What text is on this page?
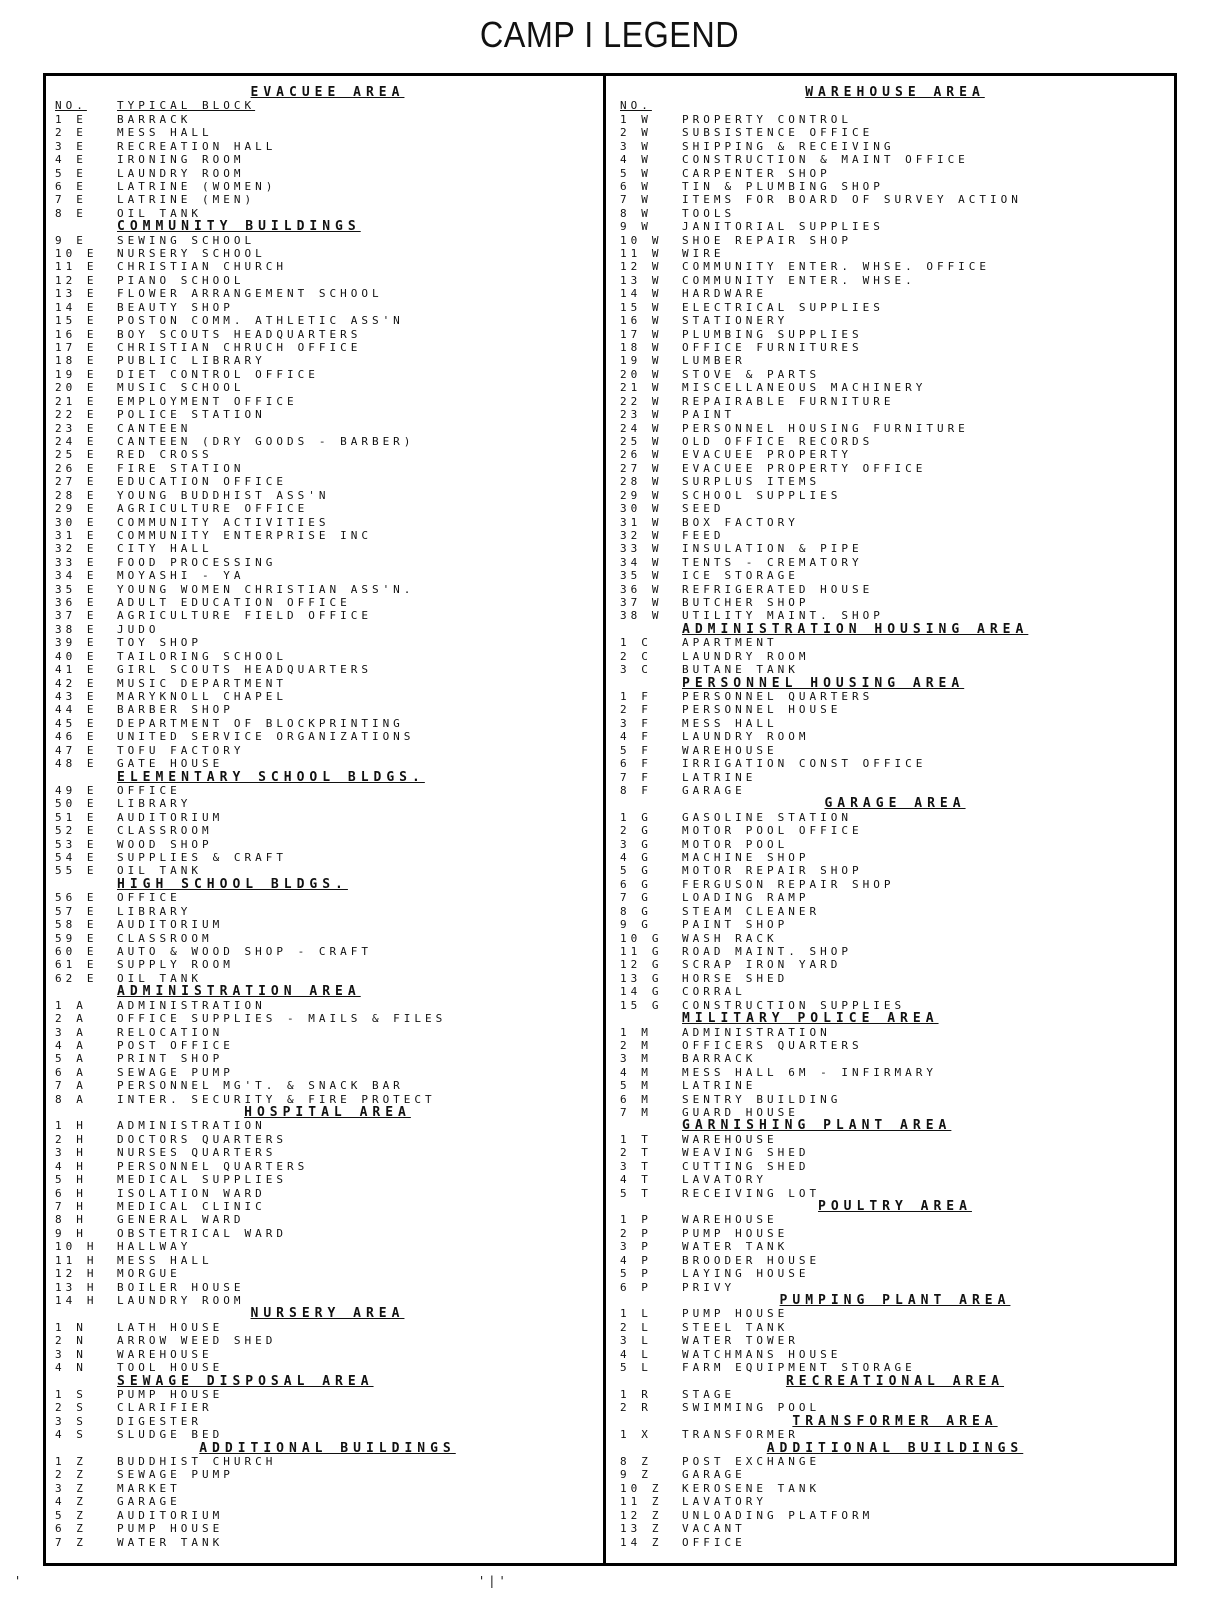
CAMP I LEGEND
EVACUEE AREA
NO.	TYPICAL BLOCK
1 E	BARRACK
2 E	MESS HALL
3 E	RECREATION HALL
4 E	IRONING ROOM
5 E	LAUNDRY ROOM
6 E	LATRINE (WOMEN)
7 E	LATRINE (MEN)
8 E	OIL TANK
COMMUNITY BUILDINGS
9 E	SEWING SCHOOL
10 E	NURSERY SCHOOL
11 E	CHRISTIAN CHURCH
12 E	PIANO SCHOOL
13 E	FLOWER ARRANGEMENT SCHOOL
14 E	BEAUTY SHOP
15 E	POSTON COMM. ATHLETIC ASS'N
16 E	BOY SCOUTS HEADQUARTERS
17 E	CHRISTIAN CHRUCH OFFICE
18 E	PUBLIC LIBRARY
19 E	DIET CONTROL OFFICE
20 E	MUSIC SCHOOL
21 E	EMPLOYMENT OFFICE
22 E	POLICE STATION
23 E	CANTEEN
24 E	CANTEEN (DRY GOODS - BARBER)
25 E	RED CROSS
26 E	FIRE STATION
27 E	EDUCATION OFFICE
28 E	YOUNG BUDDHIST ASS'N
29 E	AGRICULTURE OFFICE
30 E	COMMUNITY ACTIVITIES
31 E	COMMUNITY ENTERPRISE INC
32 E	CITY HALL
33 E	FOOD PROCESSING
34 E	MOYASHI - YA
35 E	YOUNG WOMEN CHRISTIAN ASS'N.
36 E	ADULT EDUCATION OFFICE
37 E	AGRICULTURE FIELD OFFICE
38 E	JUDO
39 E	TOY SHOP
40 E	TAILORING SCHOOL
41 E	GIRL SCOUTS HEADQUARTERS
42 E	MUSIC DEPARTMENT
43 E	MARYKNOLL CHAPEL
44 E	BARBER SHOP
45 E	DEPARTMENT OF BLOCKPRINTING
46 E	UNITED SERVICE ORGANIZATIONS
47 E	TOFU FACTORY
48 E	GATE HOUSE
ELEMENTARY SCHOOL BLDGS.
49 E	OFFICE
50 E	LIBRARY
51 E	AUDITORIUM
52 E	CLASSROOM
53 E	WOOD SHOP
54 E	SUPPLIES & CRAFT
55 E	OIL TANK
HIGH SCHOOL BLDGS.
56 E	OFFICE
57 E	LIBRARY
58 E	AUDITORIUM
59 E	CLASSROOM
60 E	AUTO & WOOD SHOP - CRAFT
61 E	SUPPLY ROOM
62 E	OIL TANK
ADMINISTRATION AREA
1 A	ADMINISTRATION
2 A	OFFICE SUPPLIES - MAILS & FILES
3 A	RELOCATION
4 A	POST OFFICE
5 A	PRINT SHOP
6 A	SEWAGE PUMP
7 A	PERSONNEL MG'T. & SNACK BAR
8 A	INTER. SECURITY & FIRE PROTECT
HOSPITAL AREA
1 H	ADMINISTRATION
2 H	DOCTORS QUARTERS
3 H	NURSES QUARTERS
4 H	PERSONNEL QUARTERS
5 H	MEDICAL SUPPLIES
6 H	ISOLATION WARD
7 H	MEDICAL CLINIC
8 H	GENERAL WARD
9 H	OBSTETRICAL WARD
10 H	HALLWAY
11 H	MESS HALL
12 H	MORGUE
13 H	BOILER HOUSE
14 H	LAUNDRY ROOM
NURSERY AREA
1 N	LATH HOUSE
2 N	ARROW WEED SHED
3 N	WAREHOUSE
4 N	TOOL HOUSE
SEWAGE DISPOSAL AREA
1 S	PUMP HOUSE
2 S	CLARIFIER
3 S	DIGESTER
4 S	SLUDGE BED
ADDITIONAL BUILDINGS
1 Z	BUDDHIST CHURCH
2 Z	SEWAGE PUMP
3 Z	MARKET
4 Z	GARAGE
5 Z	AUDITORIUM
6 Z	PUMP HOUSE
7 Z	WATER TANK
WAREHOUSE AREA
NO.
1 W	PROPERTY CONTROL
2 W	SUBSISTENCE OFFICE
3 W	SHIPPING & RECEIVING
4 W	CONSTRUCTION & MAINT OFFICE
5 W	CARPENTER SHOP
6 W	TIN & PLUMBING SHOP
7 W	ITEMS FOR BOARD OF SURVEY ACTION
8 W	TOOLS
9 W	JANITORIAL SUPPLIES
10 W	SHOE REPAIR SHOP
11 W	WIRE
12 W	COMMUNITY ENTER. WHSE. OFFICE
13 W	COMMUNITY ENTER. WHSE.
14 W	HARDWARE
15 W	ELECTRICAL SUPPLIES
16 W	STATIONERY
17 W	PLUMBING SUPPLIES
18 W	OFFICE FURNITURES
19 W	LUMBER
20 W	STOVE & PARTS
21 W	MISCELLANEOUS MACHINERY
22 W	REPAIRABLE FURNITURE
23 W	PAINT
24 W	PERSONNEL HOUSING FURNITURE
25 W	OLD OFFICE RECORDS
26 W	EVACUEE PROPERTY
27 W	EVACUEE PROPERTY OFFICE
28 W	SURPLUS ITEMS
29 W	SCHOOL SUPPLIES
30 W	SEED
31 W	BOX FACTORY
32 W	FEED
33 W	INSULATION & PIPE
34 W	TENTS - CREMATORY
35 W	ICE STORAGE
36 W	REFRIGERATED HOUSE
37 W	BUTCHER SHOP
38 W	UTILITY MAINT. SHOP
ADMINISTRATION HOUSING AREA
1 C	APARTMENT
2 C	LAUNDRY ROOM
3 C	BUTANE TANK
PERSONNEL HOUSING AREA
1 F	PERSONNEL QUARTERS
2 F	PERSONNEL HOUSE
3 F	MESS HALL
4 F	LAUNDRY ROOM
5 F	WAREHOUSE
6 F	IRRIGATION CONST OFFICE
7 F	LATRINE
8 F	GARAGE
GARAGE AREA
1 G	GASOLINE STATION
2 G	MOTOR POOL OFFICE
3 G	MOTOR POOL
4 G	MACHINE SHOP
5 G	MOTOR REPAIR SHOP
6 G	FERGUSON REPAIR SHOP
7 G	LOADING RAMP
8 G	STEAM CLEANER
9 G	PAINT SHOP
10 G	WASH RACK
11 G	ROAD MAINT. SHOP
12 G	SCRAP IRON YARD
13 G	HORSE SHED
14 G	CORRAL
15 G	CONSTRUCTION SUPPLIES
MILITARY POLICE AREA
1 M	ADMINISTRATION
2 M	OFFICERS QUARTERS
3 M	BARRACK
4 M	MESS HALL 6M - INFIRMARY
5 M	LATRINE
6 M	SENTRY BUILDING
7 M	GUARD HOUSE
GARNISHING PLANT AREA
1 T	WAREHOUSE
2 T	WEAVING SHED
3 T	CUTTING SHED
4 T	LAVATORY
5 T	RECEIVING LOT
POULTRY AREA
1 P	WAREHOUSE
2 P	PUMP HOUSE
3 P	WATER TANK
4 P	BROODER HOUSE
5 P	LAYING HOUSE
6 P	PRIVY
PUMPING PLANT AREA
1 L	PUMP HOUSE
2 L	STEEL TANK
3 L	WATER TOWER
4 L	WATCHMANS HOUSE
5 L	FARM EQUIPMENT STORAGE
RECREATIONAL AREA
1 R	STAGE
2 R	SWIMMING POOL
TRANSFORMER AREA
1 X	TRANSFORMER
ADDITIONAL BUILDINGS
8 Z	POST EXCHANGE
9 Z	GARAGE
10 Z	KEROSENE TANK
11 Z	LAVATORY
12 Z	UNLOADING PLATFORM
13 Z	VACANT
14 Z	OFFICE
'	'|'
